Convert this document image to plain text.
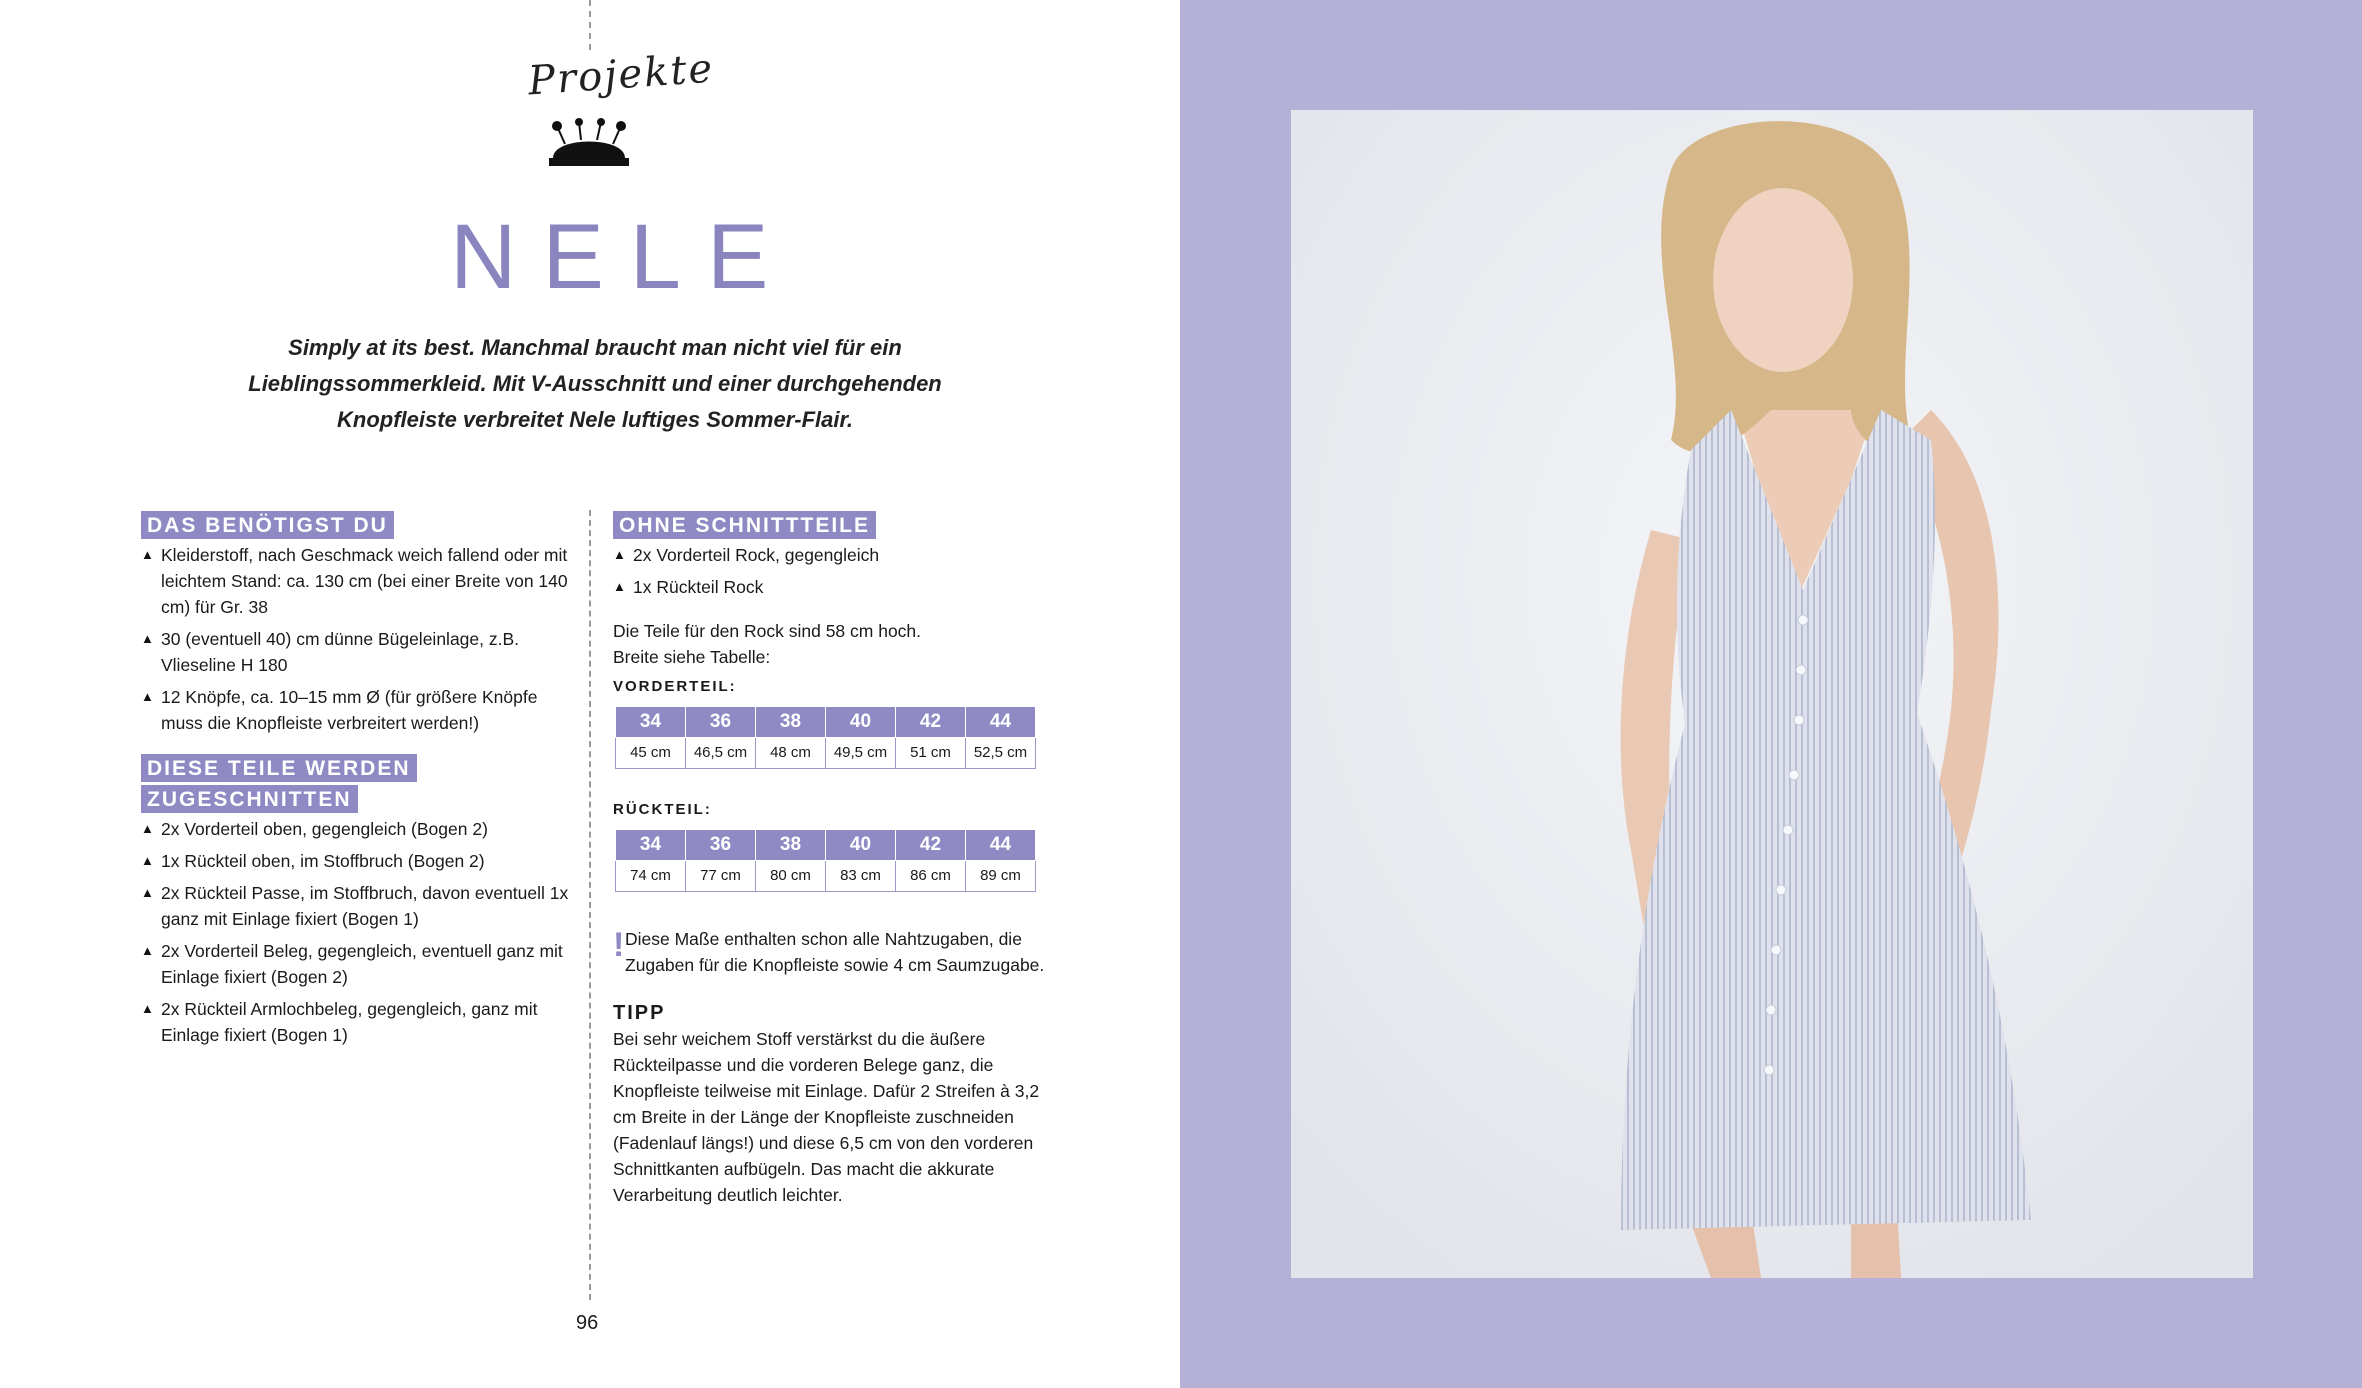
Projekte
NELE
Simply at its best. Manchmal braucht man nicht viel für ein
Lieblingssommerkleid. Mit V-Ausschnitt und einer durchgehenden
Knopfleiste verbreitet Nele luftiges Sommer-Flair.
DAS BENÖTIGST DU
▲ Kleiderstoff, nach Geschmack weich fallend oder mit leichtem Stand: ca. 130 cm (bei einer Breite von 140 cm) für Gr. 38
▲ 30 (eventuell 40) cm dünne Bügeleinlage, z.B. Vlieseline H 180
▲ 12 Knöpfe, ca. 10–15 mm Ø (für größere Knöpfe muss die Knopfleiste verbreitert werden!)
DIESE TEILE WERDEN
ZUGESCHNITTEN
▲ 2x Vorderteil oben, gegengleich (Bogen 2)
▲ 1x Rückteil oben, im Stoffbruch (Bogen 2)
▲ 2x Rückteil Passe, im Stoffbruch, davon eventuell 1x ganz mit Einlage fixiert (Bogen 1)
▲ 2x Vorderteil Beleg, gegengleich, eventuell ganz mit Einlage fixiert (Bogen 2)
▲ 2x Rückteil Armlochbeleg, gegengleich, ganz mit Einlage fixiert (Bogen 1)
OHNE SCHNITTTEILE
▲ 2x Vorderteil Rock, gegengleich
▲ 1x Rückteil Rock
Die Teile für den Rock sind 58 cm hoch.
Breite siehe Tabelle:
VORDERTEIL:
34	36	38	40	42	44
45 cm	46,5 cm	48 cm	49,5 cm	51 cm	52,5 cm
RÜCKTEIL:
34	36	38	40	42	44
74 cm	77 cm	80 cm	83 cm	86 cm	89 cm
! Diese Maße enthalten schon alle Nahtzugaben, die Zugaben für die Knopfleiste sowie 4 cm Saumzugabe.
TIPP
Bei sehr weichem Stoff verstärkst du die äußere Rückteilpasse und die vorderen Belege ganz, die Knopfleiste teilweise mit Einlage. Dafür 2 Streifen à 3,2 cm Breite in der Länge der Knopfleiste zuschneiden (Fadenlauf längs!) und diese 6,5 cm von den vorderen Schnittkanten aufbügeln. Das macht die akkurate Verarbeitung deutlich leichter.
96
